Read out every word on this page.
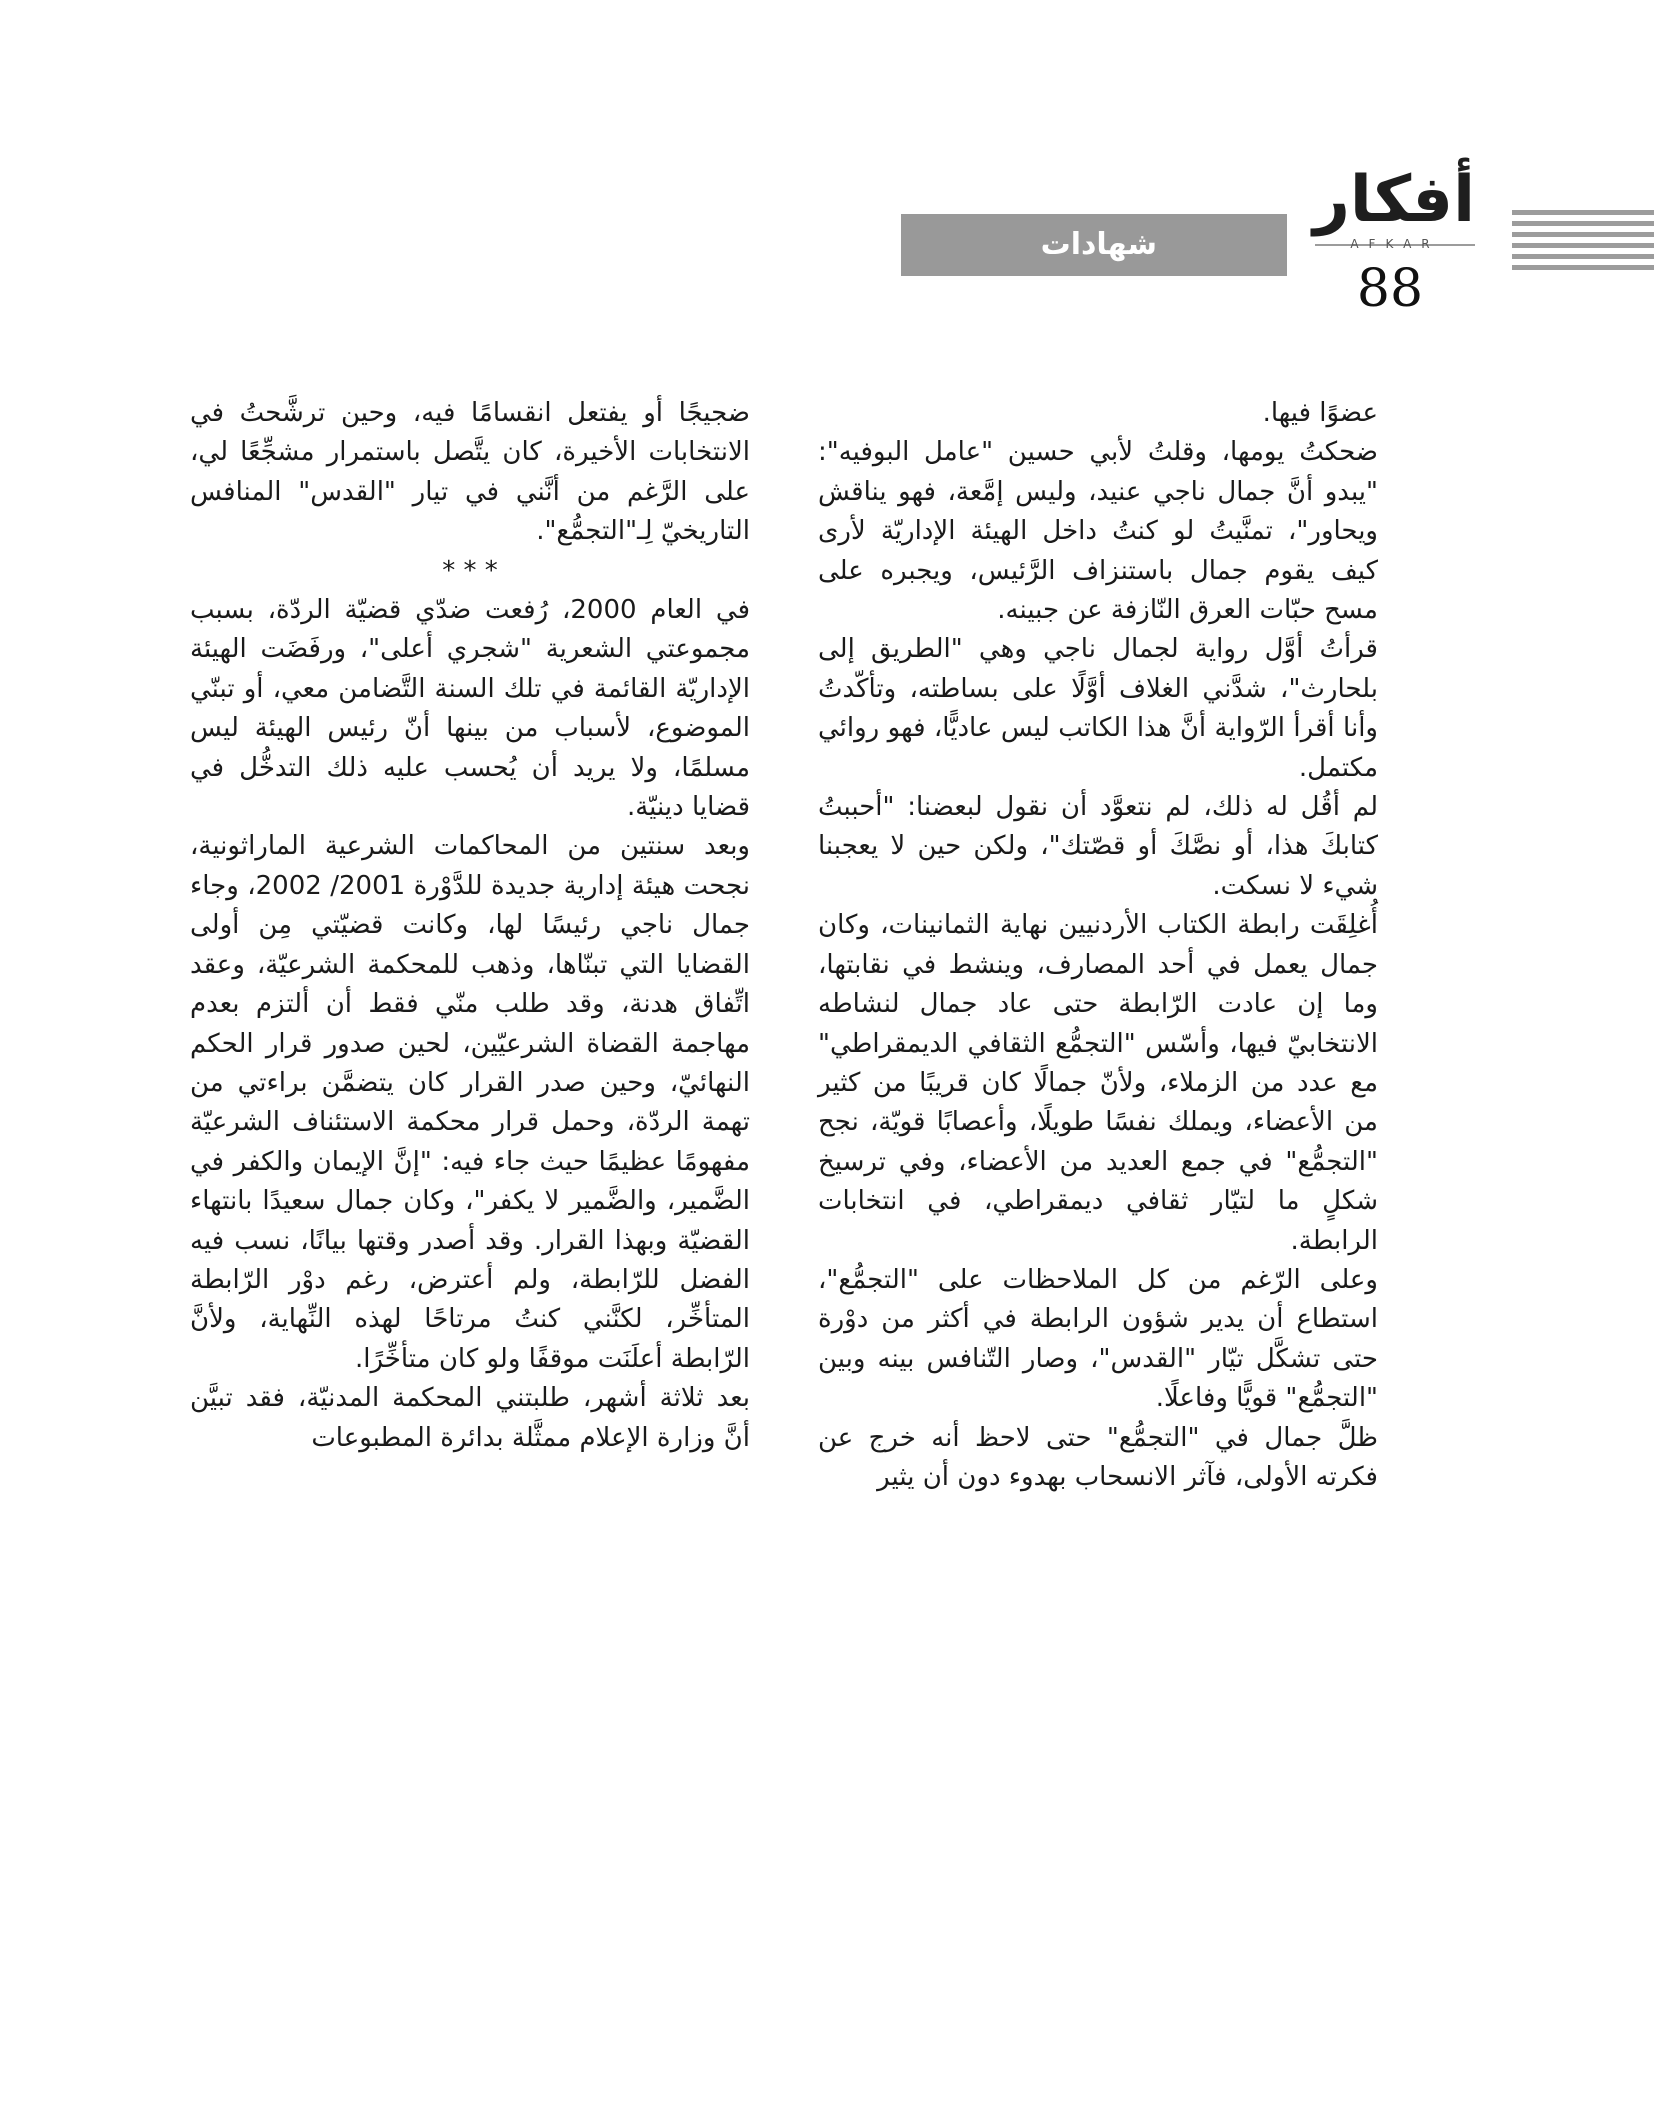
أفكار
AFKAR
شهادات
88

عضوًا فيها.

ضحكتُ يومها، وقلتُ لأبي حسين "عامل البوفيه": "يبدو أنَّ جمال ناجي عنيد، وليس إمَّعة، فهو يناقش ويحاور"، تمنَّيتُ لو كنتُ داخل الهيئة الإداريّة لأرى كيف يقوم جمال باستنزاف الرَّئيس، ويجبره على مسح حبّات العرق النّازفة عن جبينه.

قرأتُ أوَّل رواية لجمال ناجي وهي "الطريق إلى بلحارث"، شدَّني الغلاف أوَّلًا على بساطته، وتأكّدتُ وأنا أقرأ الرّواية أنَّ هذا الكاتب ليس عاديًّا، فهو روائي مكتمل.

لم أقُل له ذلك، لم نتعوَّد أن نقول لبعضنا: "أحببتُ كتابكَ هذا، أو نصَّكَ أو قصّتك"، ولكن حين لا يعجبنا شيء لا نسكت.

أُغلِقَت رابطة الكتاب الأردنيين نهاية الثمانينات، وكان جمال يعمل في أحد المصارف، وينشط في نقابتها، وما إن عادت الرّابطة حتى عاد جمال لنشاطه الانتخابيّ فيها، وأسّس "التجمُّع الثقافي الديمقراطي" مع عدد من الزملاء، ولأنّ جمالًا كان قريبًا من كثير من الأعضاء، ويملك نفسًا طويلًا، وأعصابًا قويّة، نجح "التجمُّع" في جمع العديد من الأعضاء، وفي ترسيخ شكلٍ ما لتيّار ثقافي ديمقراطي، في انتخابات الرابطة.

وعلى الرّغم من كل الملاحظات على "التجمُّع"، استطاع أن يدير شؤون الرابطة في أكثر من دوْرة حتى تشكَّل تيّار "القدس"، وصار التّنافس بينه وبين "التجمُّع" قويًّا وفاعلًا.

ظلَّ جمال في "التجمُّع" حتى لاحظ أنه خرج عن فكرته الأولى، فآثر الانسحاب بهدوء دون أن يثير

ضجيجًا أو يفتعل انقسامًا فيه، وحين ترشَّحتُ في الانتخابات الأخيرة، كان يتَّصل باستمرار مشجِّعًا لي، على الرَّغم من أنَّني في تيار "القدس" المنافس التاريخيّ لِـ"التجمُّع".

* * *

في العام 2000، رُفعت ضدّي قضيّة الردّة، بسبب مجموعتي الشعرية "شجري أعلى"، ورفَضَت الهيئة الإداريّة القائمة في تلك السنة التَّضامن معي، أو تبنّي الموضوع، لأسباب من بينها أنّ رئيس الهيئة ليس مسلمًا، ولا يريد أن يُحسب عليه ذلك التدخُّل في قضايا دينيّة.

وبعد سنتين من المحاكمات الشرعية الماراثونية، نجحت هيئة إدارية جديدة للدَّوْرة 2001/ 2002، وجاء جمال ناجي رئيسًا لها، وكانت قضيّتي مِن أولى القضايا التي تبنّاها، وذهب للمحكمة الشرعيّة، وعقد اتِّفاق هدنة، وقد طلب منّي فقط أن ألتزم بعدم مهاجمة القضاة الشرعيّين، لحين صدور قرار الحكم النهائيّ، وحين صدر القرار كان يتضمَّن براءتي من تهمة الردّة، وحمل قرار محكمة الاستئناف الشرعيّة مفهومًا عظيمًا حيث جاء فيه: "إنَّ الإيمان والكفر في الضَّمير، والضَّمير لا يكفر"، وكان جمال سعيدًا بانتهاء القضيّة وبهذا القرار. وقد أصدر وقتها بيانًا، نسب فيه الفضل للرّابطة، ولم أعترض، رغم دوْر الرّابطة المتأخِّر، لكنَّني كنتُ مرتاحًا لهذه النِّهاية، ولأنَّ الرّابطة أعلَنَت موقفًا ولو كان متأخِّرًا.

بعد ثلاثة أشهر، طلبتني المحكمة المدنيّة، فقد تبيَّن أنَّ وزارة الإعلام ممثَّلة بدائرة المطبوعات
